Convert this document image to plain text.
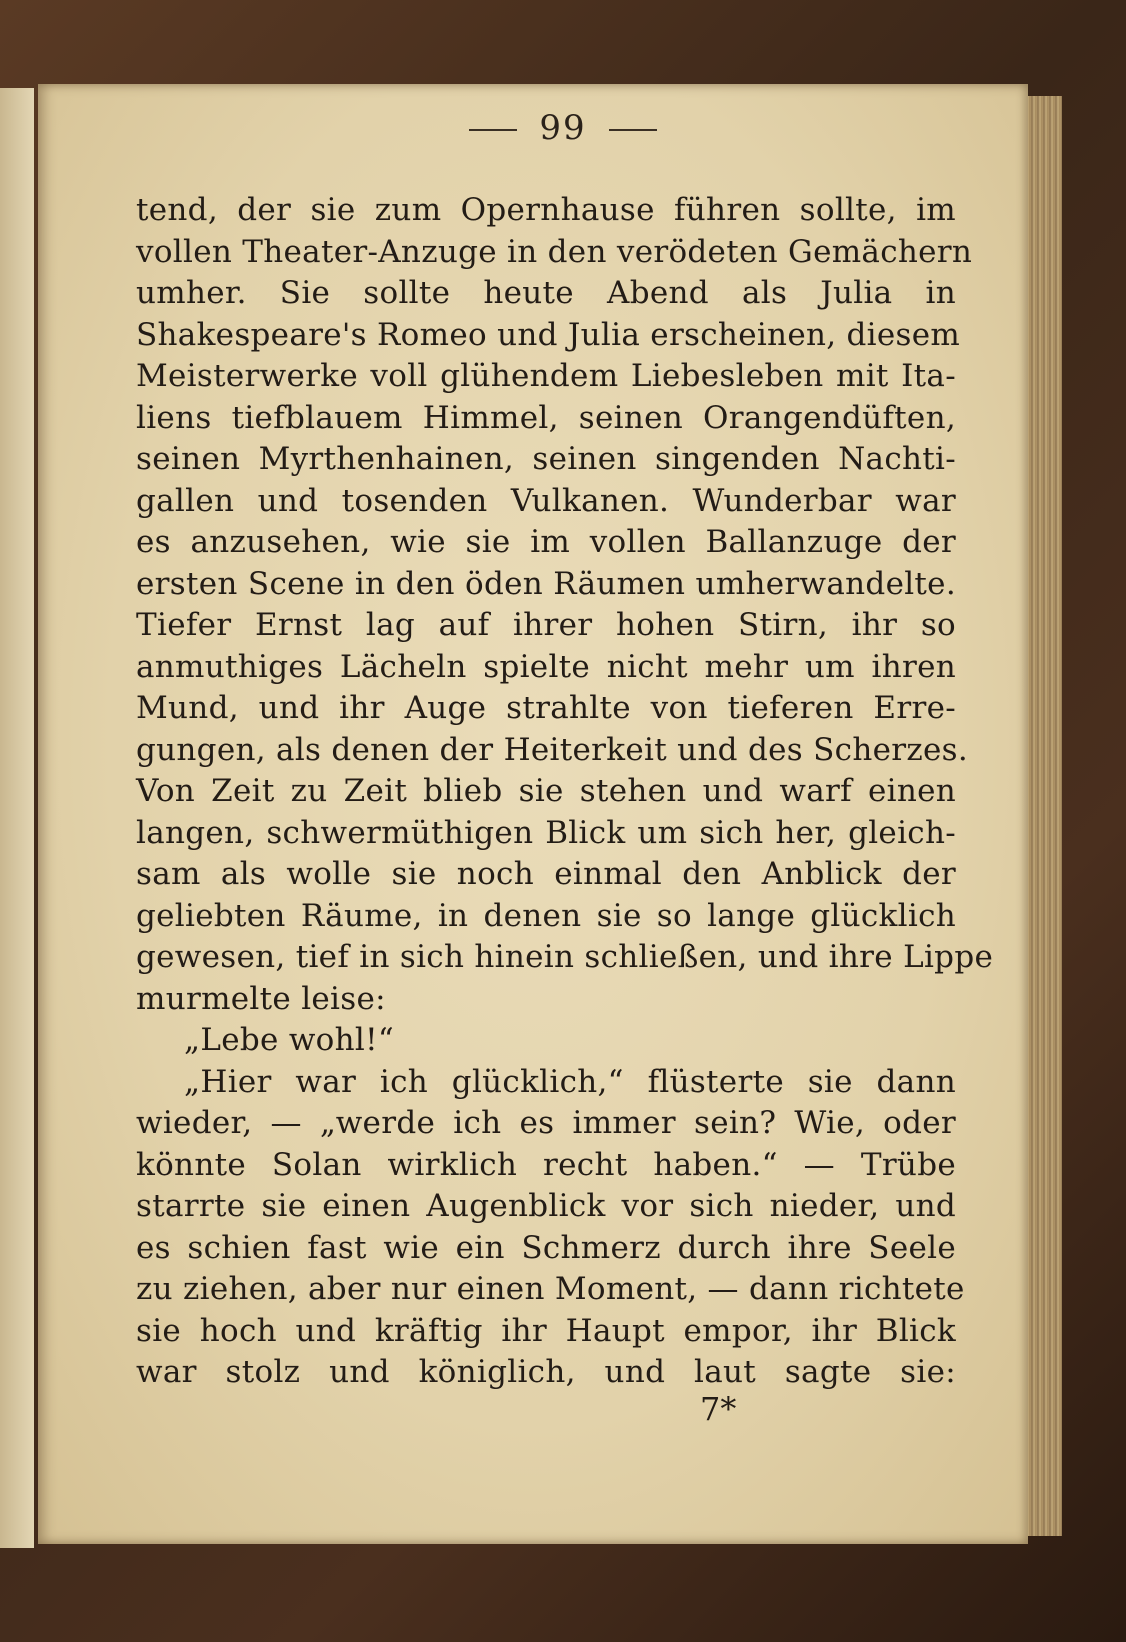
99
tend, der sie zum Opernhause führen sollte, im
vollen Theater-Anzuge in den verödeten Gemächern
umher. Sie sollte heute Abend als Julia in
Shakespeare's Romeo und Julia erscheinen, diesem
Meisterwerke voll glühendem Liebesleben mit Ita-
liens tiefblauem Himmel, seinen Orangendüften,
seinen Myrthenhainen, seinen singenden Nachti-
gallen und tosenden Vulkanen. Wunderbar war
es anzusehen, wie sie im vollen Ballanzuge der
ersten Scene in den öden Räumen umherwandelte.
Tiefer Ernst lag auf ihrer hohen Stirn, ihr so
anmuthiges Lächeln spielte nicht mehr um ihren
Mund, und ihr Auge strahlte von tieferen Erre-
gungen, als denen der Heiterkeit und des Scherzes.
Von Zeit zu Zeit blieb sie stehen und warf einen
langen, schwermüthigen Blick um sich her, gleich-
sam als wolle sie noch einmal den Anblick der
geliebten Räume, in denen sie so lange glücklich
gewesen, tief in sich hinein schließen, und ihre Lippe
murmelte leise:
„Lebe wohl!“
„Hier war ich glücklich,“ flüsterte sie dann
wieder, — „werde ich es immer sein? Wie, oder
könnte Solan wirklich recht haben.“ — Trübe
starrte sie einen Augenblick vor sich nieder, und
es schien fast wie ein Schmerz durch ihre Seele
zu ziehen, aber nur einen Moment, — dann richtete
sie hoch und kräftig ihr Haupt empor, ihr Blick
war stolz und königlich, und laut sagte sie:
7*
